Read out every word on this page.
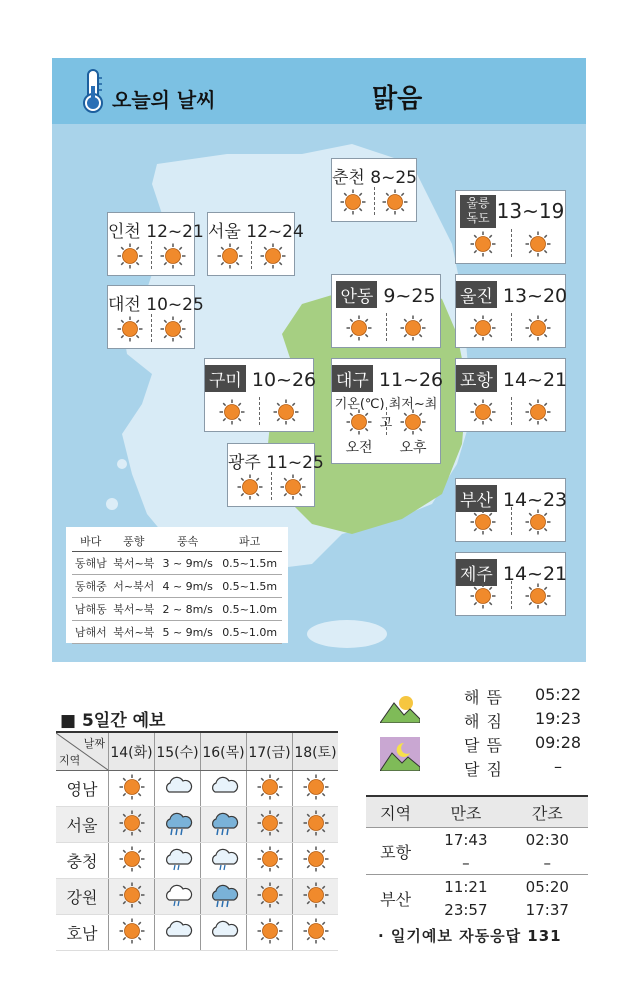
오늘의 날씨	맑음
춘천 8~25
인천 12~21 서울 12~24
울릉
독도 13~19
대전 10~25	안동 9~25 울진 13~20
구미 10~26 대구 11~26
기온(℃) 최저~최고
오전	오후
포항 14~21
광주 11~25
부산 14~23
제주 14~21
바다	풍향	풍속	파고
동해남	북서~북	3 ~ 9m/s	0.5~1.5m
동해중	서~북서	4 ~ 9m/s	0.5~1.5m
남해동	북서~북	2 ~ 8m/s	0.5~1.0m
남해서	북서~북	5 ~ 9m/s	0.5~1.0m
■ 5일간 예보
날짜
지역	14(화)	15(수)	16(목)	17(금)	18(토)
영남					
서울					
충청					
강원					
호남					
해 뜸	05:22
해 짐	19:23
달 뜸	09:28
달 짐	–
지역	만조	간조
포항	17:43	02:30
	–	–
부산	11:21	05:20
	23:57	17:37
· 일기예보 자동응답 131
